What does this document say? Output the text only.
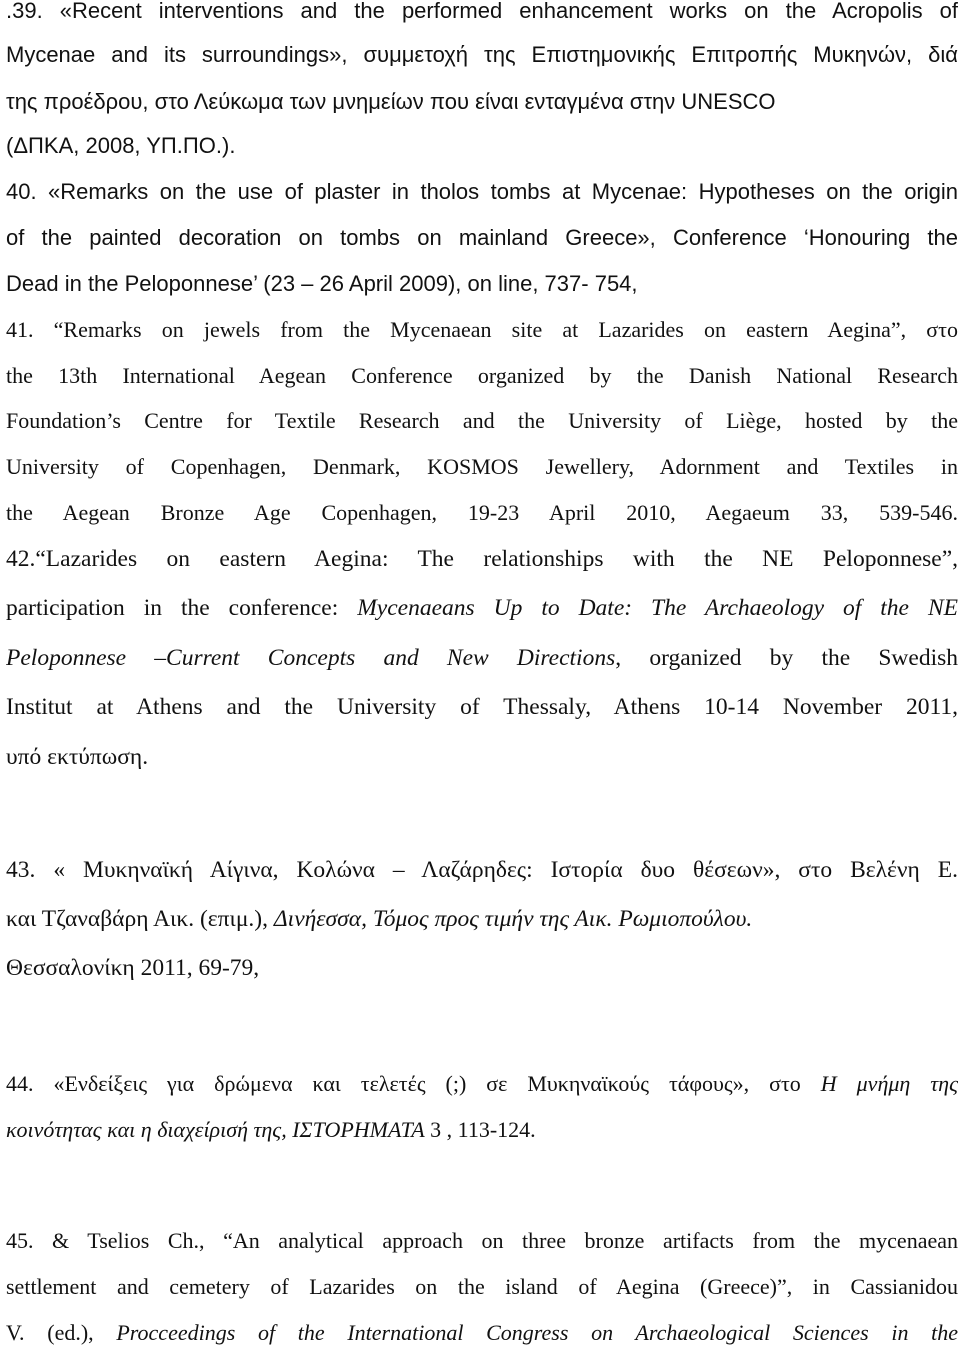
.39. «Recent interventions and the performed enhancement works on the Acropolis of
Mycenae and its surroundings», συμμετοχή της Επιστημονικής Επιτροπής Μυκηνών, διά
της προέδρου, στο Λεύκωμα των μνημείων που είναι ενταγμένα στην UNESCO
(ΔΠΚΑ, 2008, ΥΠ.ΠΟ.).
40. «Remarks on the use of plaster in tholos tombs at Mycenae: Hypotheses on the origin
of the painted decoration on tombs on mainland Greece», Conference ‘Honouring the
Dead in the Peloponnese’ (23 – 26 April 2009), on line, 737- 754,
41. “Remarks on jewels from the Mycenaean site at Lazarides on eastern Aegina”, στο
the 13th International Aegean Conference organized by the Danish National Research
Foundation’s Centre for Textile Research and the University of Liège, hosted by the
University of Copenhagen, Denmark, KOSMOS Jewellery, Adornment and Textiles in
the Aegean Bronze Age Copenhagen, 19-23 April 2010, Aegaeum 33, 539-546.
42.“Lazarides on eastern Aegina: The relationships with the NE Peloponnese”,
participation in the conference: Mycenaeans Up to Date: The Archaeology of the NE
Peloponnese –Current Concepts and New Directions, organized by the Swedish
Institut at Athens and the University of Thessaly, Athens 10-14 November 2011,
υπό εκτύπωση.
43. « Μυκηναϊκή Αίγινα, Κολώνα – Λαζάρηδες: Ιστορία δυο θέσεων», στο Βελένη Ε.
και Τζαναβάρη Αικ. (επιμ.), Δινήεσσα, Τόμος προς τιμήν της Αικ. Ρωμιοπούλου.
Θεσσαλονίκη 2011, 69-79,
44. «Ενδείξεις για δρώμενα και τελετές (;) σε Μυκηναϊκούς τάφους», στο Η μνήμη της
κοινότητας και η διαχείρισή της, ΙΣΤΟΡΗΜΑΤΑ 3 , 113-124.
45. & Tselios Ch., “An analytical approach on three bronze artifacts from the mycenaean
settlement and cemetery of Lazarides on the island of Aegina (Greece)”, in Cassianidou
V. (ed.), Procceedings of the International Congress on Archaeological Sciences in the
